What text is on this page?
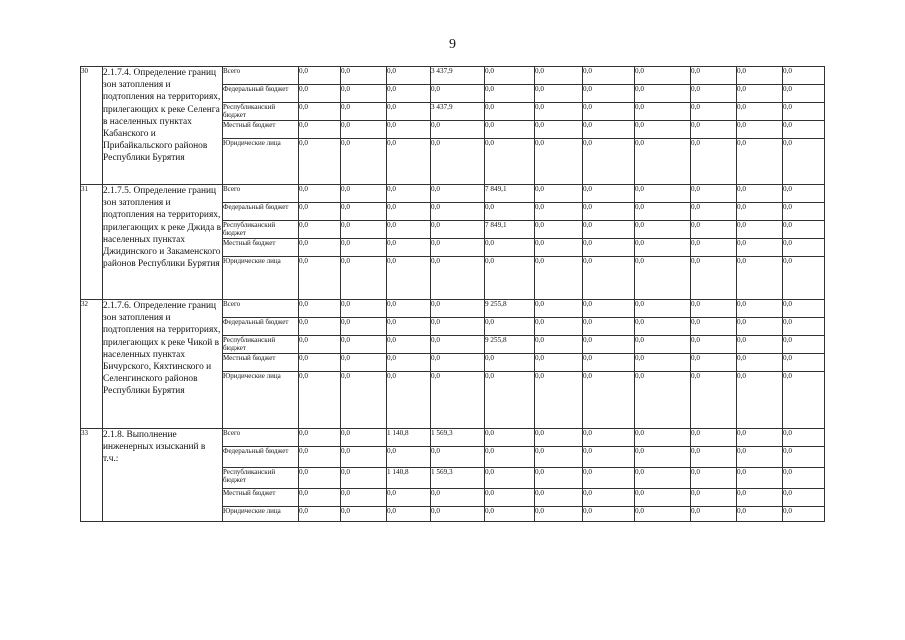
9
30	2.1.7.4. Определение границ зон затопления и подтопления на территориях, прилегающих к реке Селенга в населенных пунктах Кабанского и Прибайкальского районов Республики Бурятия	Всего	0,0	0,0	0,0	3 437,9	0,0	0,0	0,0	0,0	0,0	0,0	0,0
		Федеральный бюджет	0,0	0,0	0,0	0,0	0,0	0,0	0,0	0,0	0,0	0,0	0,0
		Республиканский бюджет	0,0	0,0	0,0	3 437,9	0,0	0,0	0,0	0,0	0,0	0,0	0,0
		Местный бюджет	0,0	0,0	0,0	0,0	0,0	0,0	0,0	0,0	0,0	0,0	0,0
		Юридические лица	0,0	0,0	0,0	0,0	0,0	0,0	0,0	0,0	0,0	0,0	0,0
31	2.1.7.5. Определение границ зон затопления и подтопления на территориях, прилегающих к реке Джида в населенных пунктах Джидинского и Закаменского районов Республики Бурятия	Всего	0,0	0,0	0,0	0,0	7 849,1	0,0	0,0	0,0	0,0	0,0	0,0
		Федеральный бюджет	0,0	0,0	0,0	0,0	0,0	0,0	0,0	0,0	0,0	0,0	0,0
		Республиканский бюджет	0,0	0,0	0,0	0,0	7 849,1	0,0	0,0	0,0	0,0	0,0	0,0
		Местный бюджет	0,0	0,0	0,0	0,0	0,0	0,0	0,0	0,0	0,0	0,0	0,0
		Юридические лица	0,0	0,0	0,0	0,0	0,0	0,0	0,0	0,0	0,0	0,0	0,0
32	2.1.7.6. Определение границ зон затопления и подтопления на территориях, прилегающих к реке Чикой в населенных пунктах Бичурского, Кяхтинского и Селенгинского районов Республики Бурятия	Всего	0,0	0,0	0,0	0,0	9 255,8	0,0	0,0	0,0	0,0	0,0	0,0
		Федеральный бюджет	0,0	0,0	0,0	0,0	0,0	0,0	0,0	0,0	0,0	0,0	0,0
		Республиканский бюджет	0,0	0,0	0,0	0,0	9 255,8	0,0	0,0	0,0	0,0	0,0	0,0
		Местный бюджет	0,0	0,0	0,0	0,0	0,0	0,0	0,0	0,0	0,0	0,0	0,0
		Юридические лица	0,0	0,0	0,0	0,0	0,0	0,0	0,0	0,0	0,0	0,0	0,0
33	2.1.8. Выполнение инженерных изысканий в т.ч.:	Всего	0,0	0,0	1 140,8	1 569,3	0,0	0,0	0,0	0,0	0,0	0,0	0,0
		Федеральный бюджет	0,0	0,0	0,0	0,0	0,0	0,0	0,0	0,0	0,0	0,0	0,0
		Республиканский бюджет	0,0	0,0	1 140,8	1 569,3	0,0	0,0	0,0	0,0	0,0	0,0	0,0
		Местный бюджет	0,0	0,0	0,0	0,0	0,0	0,0	0,0	0,0	0,0	0,0	0,0
		Юридические лица	0,0	0,0	0,0	0,0	0,0	0,0	0,0	0,0	0,0	0,0	0,0
